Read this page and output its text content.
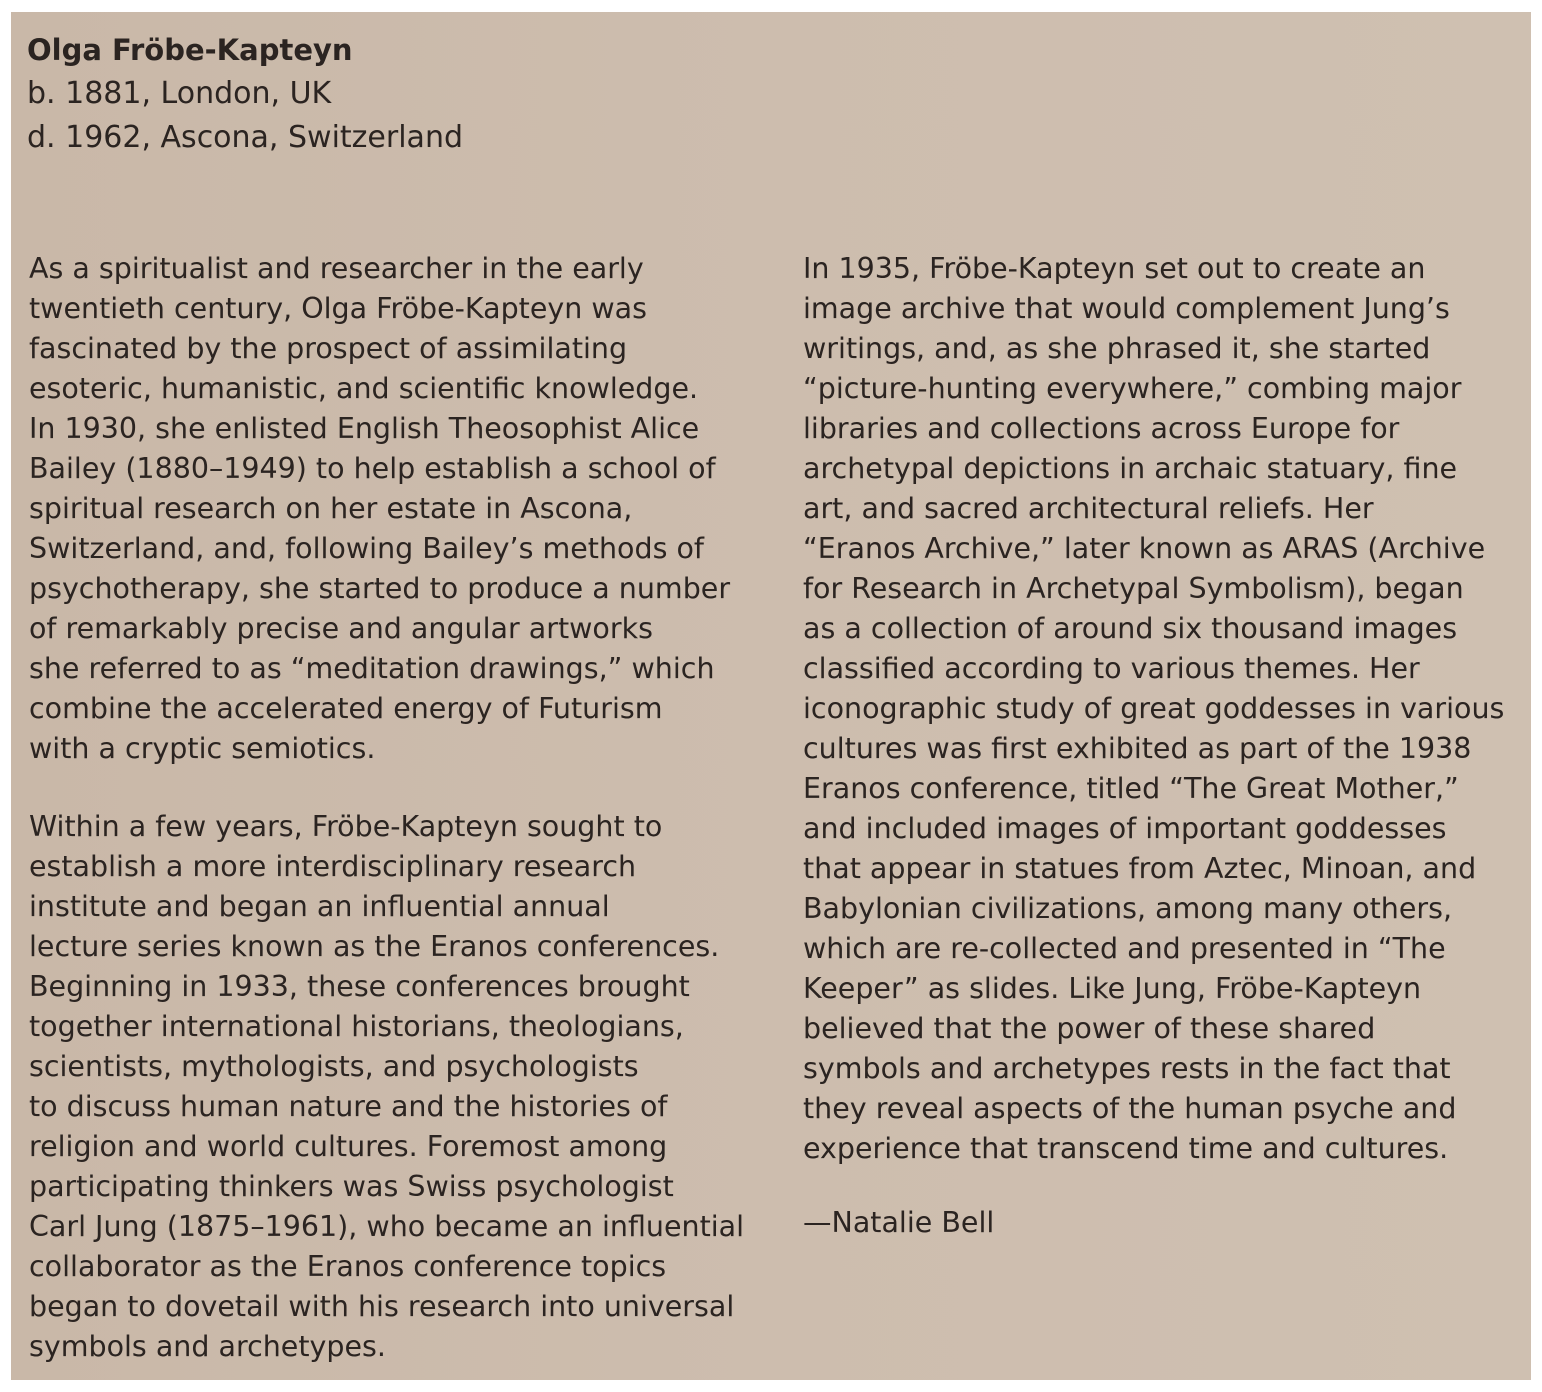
Olga Fröbe-Kapteyn
b. 1881, London, UK
d. 1962, Ascona, Switzerland
As a spiritualist and researcher in the early
twentieth century, Olga Fröbe-Kapteyn was
fascinated by the prospect of assimilating
esoteric, humanistic, and scientific knowledge.
In 1930, she enlisted English Theosophist Alice
Bailey (1880–1949) to help establish a school of
spiritual research on her estate in Ascona,
Switzerland, and, following Bailey’s methods of
psychotherapy, she started to produce a number
of remarkably precise and angular artworks
she referred to as “meditation drawings,” which
combine the accelerated energy of Futurism
with a cryptic semiotics.
Within a few years, Fröbe-Kapteyn sought to
establish a more interdisciplinary research
institute and began an influential annual
lecture series known as the Eranos conferences.
Beginning in 1933, these conferences brought
together international historians, theologians,
scientists, mythologists, and psychologists
to discuss human nature and the histories of
religion and world cultures. Foremost among
participating thinkers was Swiss psychologist
Carl Jung (1875–1961), who became an influential
collaborator as the Eranos conference topics
began to dovetail with his research into universal
symbols and archetypes.
In 1935, Fröbe-Kapteyn set out to create an
image archive that would complement Jung’s
writings, and, as she phrased it, she started
“picture-hunting everywhere,” combing major
libraries and collections across Europe for
archetypal depictions in archaic statuary, fine
art, and sacred architectural reliefs. Her
“Eranos Archive,” later known as ARAS (Archive
for Research in Archetypal Symbolism), began
as a collection of around six thousand images
classified according to various themes. Her
iconographic study of great goddesses in various
cultures was first exhibited as part of the 1938
Eranos conference, titled “The Great Mother,”
and included images of important goddesses
that appear in statues from Aztec, Minoan, and
Babylonian civilizations, among many others,
which are re-collected and presented in “The
Keeper” as slides. Like Jung, Fröbe-Kapteyn
believed that the power of these shared
symbols and archetypes rests in the fact that
they reveal aspects of the human psyche and
experience that transcend time and cultures.
—Natalie Bell
